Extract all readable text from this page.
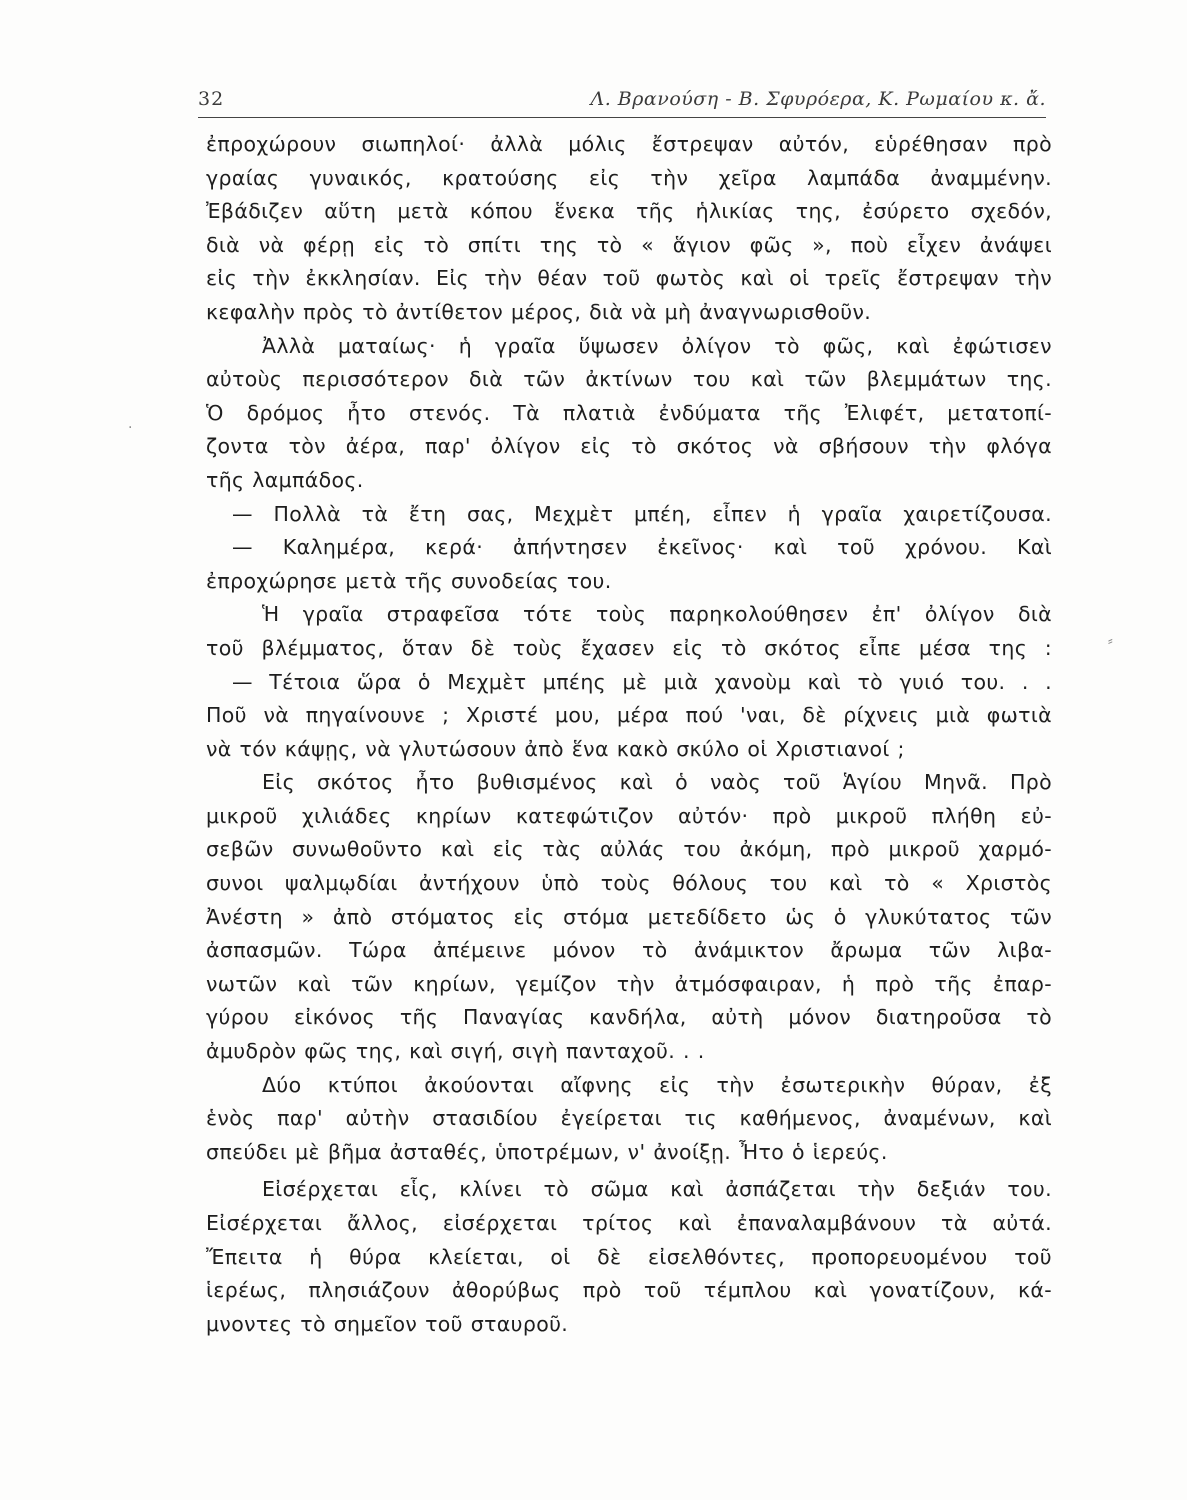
32	Λ. Βρανούση - Β. Σφυρόερα, Κ. Ρωμαίου κ. ἄ.
·
⸗
ἐπροχώρουν σιωπηλοί· ἀλλὰ μόλις ἔστρεψαν αὐτόν, εὑρέθησαν πρὸ
γραίας γυναικός, κρατούσης εἰς τὴν χεῖρα λαμπάδα ἀναμμένην.
Ἐβάδιζεν αὕτη μετὰ κόπου ἕνεκα τῆς ἡλικίας της, ἐσύρετο σχεδόν,
διὰ νὰ φέρῃ εἰς τὸ σπίτι της τὸ « ἅγιον φῶς », ποὺ εἶχεν ἀνάψει
εἰς τὴν ἐκκλησίαν. Εἰς τὴν θέαν τοῦ φωτὸς καὶ οἱ τρεῖς ἔστρεψαν τὴν
κεφαλὴν πρὸς τὸ ἀντίθετον μέρος, διὰ νὰ μὴ ἀναγνωρισθοῦν.
Ἀλλὰ ματαίως· ἡ γραῖα ὕψωσεν ὀλίγον τὸ φῶς, καὶ ἐφώτισεν
αὐτοὺς περισσότερον διὰ τῶν ἀκτίνων του καὶ τῶν βλεμμάτων της.
Ὁ δρόμος ἦτο στενός. Τὰ πλατιὰ ἐνδύματα τῆς Ἐλιφέτ, μετατοπί-
ζοντα τὸν ἀέρα, παρ' ὀλίγον εἰς τὸ σκότος νὰ σβήσουν τὴν φλόγα
τῆς λαμπάδος.
— Πολλὰ τὰ ἔτη σας, Μεχμὲτ μπέη, εἶπεν ἡ γραῖα χαιρετίζουσα.
— Καλημέρα, κερά· ἀπήντησεν ἐκεῖνος· καὶ τοῦ χρόνου. Καὶ
ἐπροχώρησε μετὰ τῆς συνοδείας του.
Ἡ γραῖα στραφεῖσα τότε τοὺς παρηκολούθησεν ἐπ' ὀλίγον διὰ
τοῦ βλέμματος, ὅταν δὲ τοὺς ἔχασεν εἰς τὸ σκότος εἶπε μέσα της :
— Τέτοια ὥρα ὁ Μεχμὲτ μπέης μὲ μιὰ χανοὺμ καὶ τὸ γυιό του. . .
Ποῦ νὰ πηγαίνουνε ; Χριστέ μου, μέρα πού 'ναι, δὲ ρίχνεις μιὰ φωτιὰ
νὰ τόν κάψῃς, νὰ γλυτώσουν ἀπὸ ἕνα κακὸ σκύλο οἱ Χριστιανοί ;
Εἰς σκότος ἦτο βυθισμένος καὶ ὁ ναὸς τοῦ Ἁγίου Μηνᾶ. Πρὸ
μικροῦ χιλιάδες κηρίων κατεφώτιζον αὐτόν· πρὸ μικροῦ πλήθη εὐ-
σεβῶν συνωθοῦντο καὶ εἰς τὰς αὐλάς του ἀκόμη, πρὸ μικροῦ χαρμό-
συνοι ψαλμῳδίαι ἀντήχουν ὑπὸ τοὺς θόλους του καὶ τὸ « Χριστὸς
Ἀνέστη » ἀπὸ στόματος εἰς στόμα μετεδίδετο ὡς ὁ γλυκύτατος τῶν
ἀσπασμῶν. Τώρα ἀπέμεινε μόνον τὸ ἀνάμικτον ἄρωμα τῶν λιβα-
νωτῶν καὶ τῶν κηρίων, γεμίζον τὴν ἀτμόσφαιραν, ἡ πρὸ τῆς ἐπαρ-
γύρου εἰκόνος τῆς Παναγίας κανδήλα, αὐτὴ μόνον διατηροῦσα τὸ
ἀμυδρὸν φῶς της, καὶ σιγή, σιγὴ πανταχοῦ. . .
Δύο κτύποι ἀκούονται αἴφνης εἰς τὴν ἐσωτερικὴν θύραν, ἐξ
ἑνὸς παρ' αὐτὴν στασιδίου ἐγείρεται τις καθήμενος, ἀναμένων, καὶ
σπεύδει μὲ βῆμα ἀσταθές, ὑποτρέμων, ν' ἀνοίξῃ. Ἦτο ὁ ἱερεύς.
Εἰσέρχεται εἷς, κλίνει τὸ σῶμα καὶ ἀσπάζεται τὴν δεξιάν του.
Εἰσέρχεται ἄλλος, εἰσέρχεται τρίτος καὶ ἐπαναλαμβάνουν τὰ αὐτά.
Ἔπειτα ἡ θύρα κλείεται, οἱ δὲ εἰσελθόντες, προπορευομένου τοῦ
ἱερέως, πλησιάζουν ἀθορύβως πρὸ τοῦ τέμπλου καὶ γονατίζουν, κά-
μνοντες τὸ σημεῖον τοῦ σταυροῦ.
